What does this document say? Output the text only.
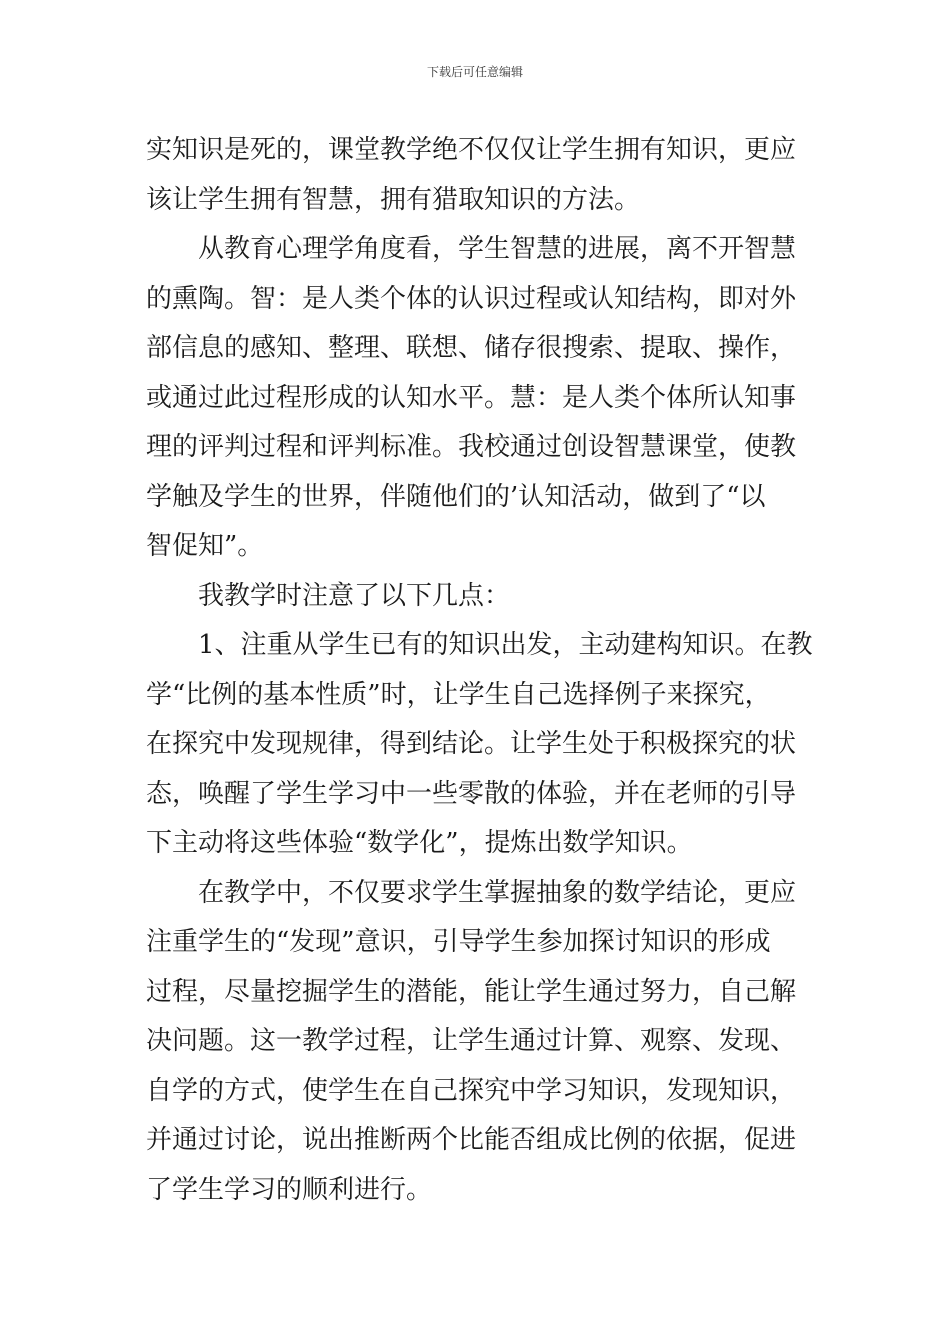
下载后可任意编辑
实知识是死的，课堂教学绝不仅仅让学生拥有知识，更应
该让学生拥有智慧，拥有猎取知识的方法。
从教育心理学角度看，学生智慧的进展，离不开智慧
的熏陶。智：是人类个体的认识过程或认知结构，即对外
部信息的感知、整理、联想、储存很搜索、提取、操作，
或通过此过程形成的认知水平。慧：是人类个体所认知事
理的评判过程和评判标准。我校通过创设智慧课堂，使教
学触及学生的世界，伴随他们的’认知活动，做到了“以
智促知”。
我教学时注意了以下几点：
1、注重从学生已有的知识出发，主动建构知识。在教
学“比例的基本性质”时，让学生自己选择例子来探究，
在探究中发现规律，得到结论。让学生处于积极探究的状
态，唤醒了学生学习中一些零散的体验，并在老师的引导
下主动将这些体验“数学化”，提炼出数学知识。
在教学中，不仅要求学生掌握抽象的数学结论，更应
注重学生的“发现”意识，引导学生参加探讨知识的形成
过程，尽量挖掘学生的潜能，能让学生通过努力，自己解
决问题。这一教学过程，让学生通过计算、观察、发现、
自学的方式，使学生在自己探究中学习知识，发现知识，
并通过讨论，说出推断两个比能否组成比例的依据，促进
了学生学习的顺利进行。
